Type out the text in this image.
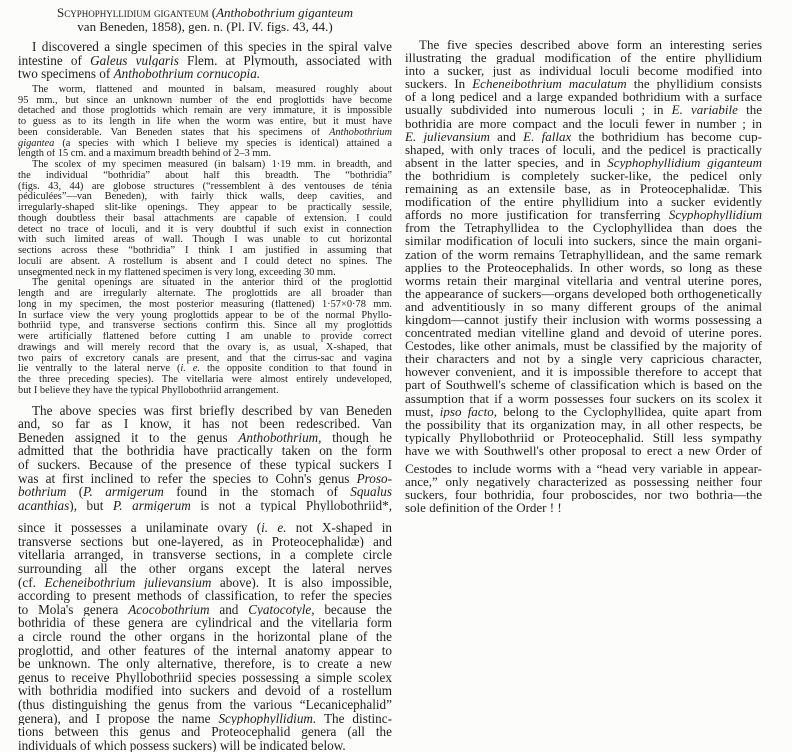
Scyphophyllidium giganteum (Anthobothrium giganteum
van Beneden, 1858), gen. n. (Pl. IV. figs. 43, 44.)
I discovered a single specimen of this species in the spiral valve
intestine of Galeus vulgaris Flem. at Plymouth, associated with
two specimens of Anthobothrium cornucopia.
The worm, flattened and mounted in balsam, measured roughly about
95 mm., but since an unknown number of the end proglottids have become
detached and those proglottids which remain are very immature, it is impossible
to guess as to its length in life when the worm was entire, but it must have
been considerable. Van Beneden states that his specimens of Anthobothrium
gigantea (a species with which I believe my species is identical) attained a
length of 15 cm. and a maximum breadth behind of 2–3 mm.
The scolex of my specimen measured (in balsam) 1·19 mm. in breadth, and
the individual “bothridia” about half this breadth. The “bothridia”
(figs. 43, 44) are globose structures (“ressemblent à des ventouses de ténia
pédiculées”—van Beneden), with fairly thick walls, deep cavities, and
irregularly-shaped slit-like openings. They appear to be practically sessile,
though doubtless their basal attachments are capable of extension. I could
detect no trace of loculi, and it is very doubtful if such exist in connection
with such limited areas of wall. Though I was unable to cut horizontal
sections across these “bothridia” I think I am justified in assuming that
loculi are absent. A rostellum is absent and I could detect no spines. The
unsegmented neck in my flattened specimen is very long, exceeding 30 mm.
The genital openings are situated in the anterior third of the proglottid
length and are irregularly alternate. The proglottids are all broader than
long in my specimen, the most posterior measuring (flattened) 1·57×0·78 mm.
In surface view the very young proglottids appear to be of the normal Phyllo-
bothriid type, and transverse sections confirm this. Since all my proglottids
were artificially flattened before cutting I am unable to provide correct
drawings and will merely record that the ovary is, as usual, X-shaped, that
two pairs of excretory canals are present, and that the cirrus-sac and vagina
lie ventrally to the lateral nerve (i. e. the opposite condition to that found in
the three preceding species). The vitellaria were almost entirely undeveloped,
but I believe they have the typical Phyllobothriid arrangement.
The above species was first briefly described by van Beneden
and, so far as I know, it has not been redescribed. Van
Beneden assigned it to the genus Anthobothrium, though he
admitted that the bothridia have practically taken on the form
of suckers. Because of the presence of these typical suckers I
was at first inclined to refer the species to Cohn's genus Proso-
bothrium (P. armigerum found in the stomach of Squalus
acanthias), but P. armigerum is not a typical Phyllobothriid*,
since it possesses a unilaminate ovary (i. e. not X-shaped in
transverse sections but one-layered, as in Proteocephalidæ) and
vitellaria arranged, in transverse sections, in a complete circle
surrounding all the other organs except the lateral nerves
(cf. Echeneibothrium julievansium above). It is also impossible,
according to present methods of classification, to refer the species
to Mola's genera Acocobothrium and Cyatocotyle, because the
bothridia of these genera are cylindrical and the vitellaria form
a circle round the other organs in the horizontal plane of the
proglottid, and other features of the internal anatomy appear to
be unknown. The only alternative, therefore, is to create a new
genus to receive Phyllobothriid species possessing a simple scolex
with bothridia modified into suckers and devoid of a rostellum
(thus distinguishing the genus from the various “Lecanicephalid”
genera), and I propose the name Scyphophyllidium. The distinc-
tions between this genus and Proteocephalid genera (all the
individuals of which possess suckers) will be indicated below.
The five species described above form an interesting series
illustrating the gradual modification of the entire phyllidium
into a sucker, just as individual loculi become modified into
suckers. In Echeneibothrium maculatum the phyllidium consists
of a long pedicel and a large expanded bothridium with a surface
usually subdivided into numerous loculi ; in E. variabile the
bothridia are more compact and the loculi fewer in number ; in
E. julievansium and E. fallax the bothridium has become cup-
shaped, with only traces of loculi, and the pedicel is practically
absent in the latter species, and in Scyphophyllidium giganteum
the bothridium is completely sucker-like, the pedicel only
remaining as an extensile base, as in Proteocephalidæ. This
modification of the entire phyllidium into a sucker evidently
affords no more justification for transferring Scyphophyllidium
from the Tetraphyllidea to the Cyclophyllidea than does the
similar modification of loculi into suckers, since the main organi-
zation of the worm remains Tetraphyllidean, and the same remark
applies to the Proteocephalids. In other words, so long as these
worms retain their marginal vitellaria and ventral uterine pores,
the appearance of suckers—organs developed both orthogenetically
and adventitiously in so many different groups of the animal
kingdom—cannot justify their inclusion with worms possessing a
concentrated median vitelline gland and devoid of uterine pores.
Cestodes, like other animals, must be classified by the majority of
their characters and not by a single very capricious character,
however convenient, and it is impossible therefore to accept that
part of Southwell's scheme of classification which is based on the
assumption that if a worm possesses four suckers on its scolex it
must, ipso facto, belong to the Cyclophyllidea, quite apart from
the possibility that its organization may, in all other respects, be
typically Phyllobothriid or Proteocephalid. Still less sympathy
have we with Southwell's other proposal to erect a new Order of
Cestodes to include worms with a “head very variable in appear-
ance,” only negatively characterized as possessing neither four
suckers, four bothridia, four proboscides, nor two bothria—the
sole definition of the Order ! !
